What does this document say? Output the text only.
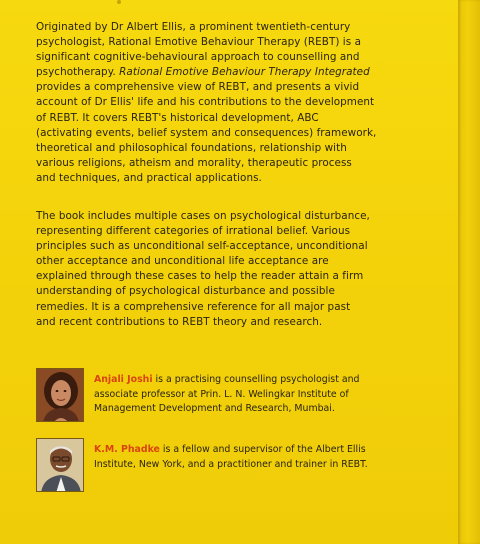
Originated by Dr Albert Ellis, a prominent twentieth-century
psychologist, Rational Emotive Behaviour Therapy (REBT) is a
significant cognitive-behavioural approach to counselling and
psychotherapy. Rational Emotive Behaviour Therapy Integrated
provides a comprehensive view of REBT, and presents a vivid
account of Dr Ellis' life and his contributions to the development
of REBT. It covers REBT's historical development, ABC
(activating events, belief system and consequences) framework,
theoretical and philosophical foundations, relationship with
various religions, atheism and morality, therapeutic process
and techniques, and practical applications.
The book includes multiple cases on psychological disturbance,
representing different categories of irrational belief. Various
principles such as unconditional self-acceptance, unconditional
other acceptance and unconditional life acceptance are
explained through these cases to help the reader attain a firm
understanding of psychological disturbance and possible
remedies. It is a comprehensive reference for all major past
and recent contributions to REBT theory and research.
Anjali Joshi is a practising counselling psychologist and
associate professor at Prin. L. N. Welingkar Institute of
Management Development and Research, Mumbai.
K.M. Phadke is a fellow and supervisor of the Albert Ellis
Institute, New York, and a practitioner and trainer in REBT.
